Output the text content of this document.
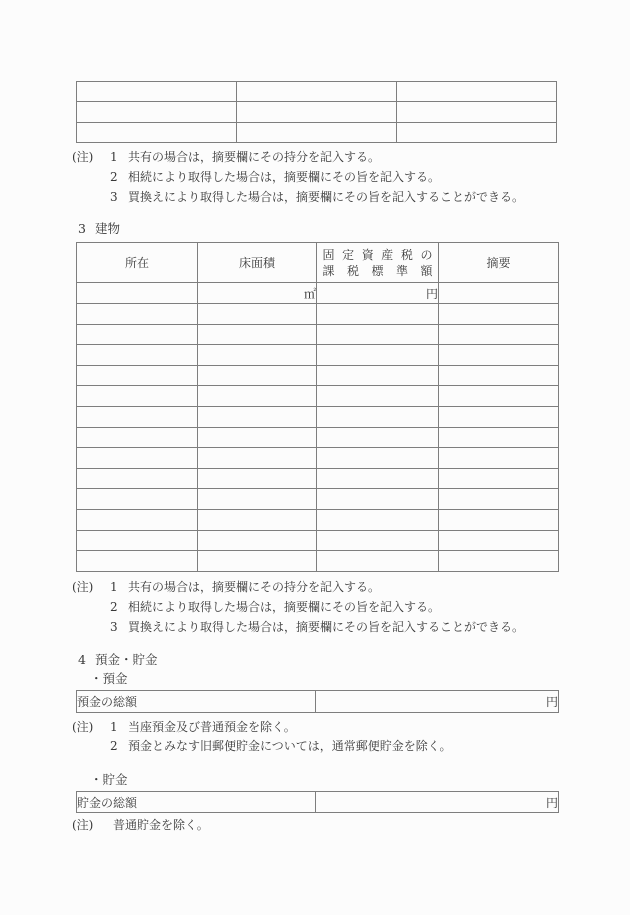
(注)	1 共有の場合は，摘要欄にその持分を記入する。
2 相続により取得した場合は，摘要欄にその旨を記入する。
3 買換えにより取得した場合は，摘要欄にその旨を記入することができる。
3 建物
所在	床面積	固定資産税の
課税標準額	摘要
	㎡	円	

(注)	1 共有の場合は，摘要欄にその持分を記入する。
2 相続により取得した場合は，摘要欄にその旨を記入する。
3 買換えにより取得した場合は，摘要欄にその旨を記入することができる。
4 預金・貯金
・預金
預金の総額	円
(注)	1 当座預金及び普通預金を除く。
2 預金とみなす旧郵便貯金については，通常郵便貯金を除く。
・貯金
貯金の総額	円
(注)	普通貯金を除く。
